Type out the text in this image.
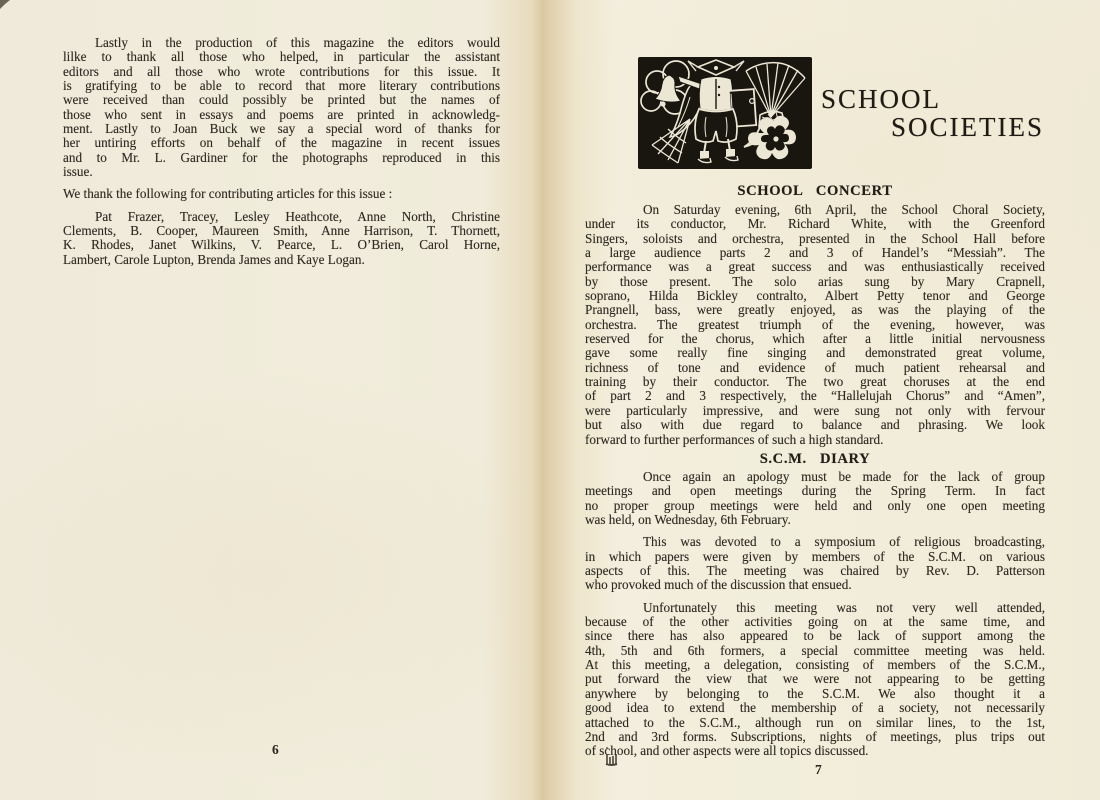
Lastly in the production of this magazine the editors would
lilke to thank all those who helped, in particular the assistant
editors and all those who wrote contributions for this issue. It
is gratifying to be able to record that more literary contributions
were received than could possibly be printed but the names of
those who sent in essays and poems are printed in acknowledg-
ment. Lastly to Joan Buck we say a special word of thanks for
her untiring efforts on behalf of the magazine in recent issues
and to Mr. L. Gardiner for the photographs reproduced in this
issue.
We thank the following for contributing articles for this issue :
Pat Frazer, Tracey, Lesley Heathcote, Anne North, Christine
Clements, B. Cooper, Maureen Smith, Anne Harrison, T. Thornett,
K. Rhodes, Janet Wilkins, V. Pearce, L. O’Brien, Carol Horne,
Lambert, Carole Lupton, Brenda James and Kaye Logan.
6
SCHOOL
SOCIETIES
SCHOOL CONCERT
On Saturday evening, 6th April, the School Choral Society,
under its conductor, Mr. Richard White, with the Greenford
Singers, soloists and orchestra, presented in the School Hall before
a large audience parts 2 and 3 of Handel’s “Messiah”. The
performance was a great success and was enthusiastically received
by those present. The solo arias sung by Mary Crapnell,
soprano, Hilda Bickley contralto, Albert Petty tenor and George
Prangnell, bass, were greatly enjoyed, as was the playing of the
orchestra. The greatest triumph of the evening, however, was
reserved for the chorus, which after a little initial nervousness
gave some really fine singing and demonstrated great volume,
richness of tone and evidence of much patient rehearsal and
training by their conductor. The two great choruses at the end
of part 2 and 3 respectively, the “Hallelujah Chorus” and “Amen”,
were particularly impressive, and were sung not only with fervour
but also with due regard to balance and phrasing. We look
forward to further performances of such a high standard.
S.C.M. DIARY
Once again an apology must be made for the lack of group
meetings and open meetings during the Spring Term. In fact
no proper group meetings were held and only one open meeting
was held, on Wednesday, 6th February.
This was devoted to a symposium of religious broadcasting,
in which papers were given by members of the S.C.M. on various
aspects of this. The meeting was chaired by Rev. D. Patterson
who provoked much of the discussion that ensued.
Unfortunately this meeting was not very well attended,
because of the other activities going on at the same time, and
since there has also appeared to be lack of support among the
4th, 5th and 6th formers, a special committee meeting was held.
At this meeting, a delegation, consisting of members of the S.C.M.,
put forward the view that we were not appearing to be getting
anywhere by belonging to the S.C.M. We also thought it a
good idea to extend the membership of a society, not necessarily
attached to the S.C.M., although run on similar lines, to the 1st,
2nd and 3rd forms. Subscriptions, nights of meetings, plus trips out
of school, and other aspects were all topics discussed.
7
